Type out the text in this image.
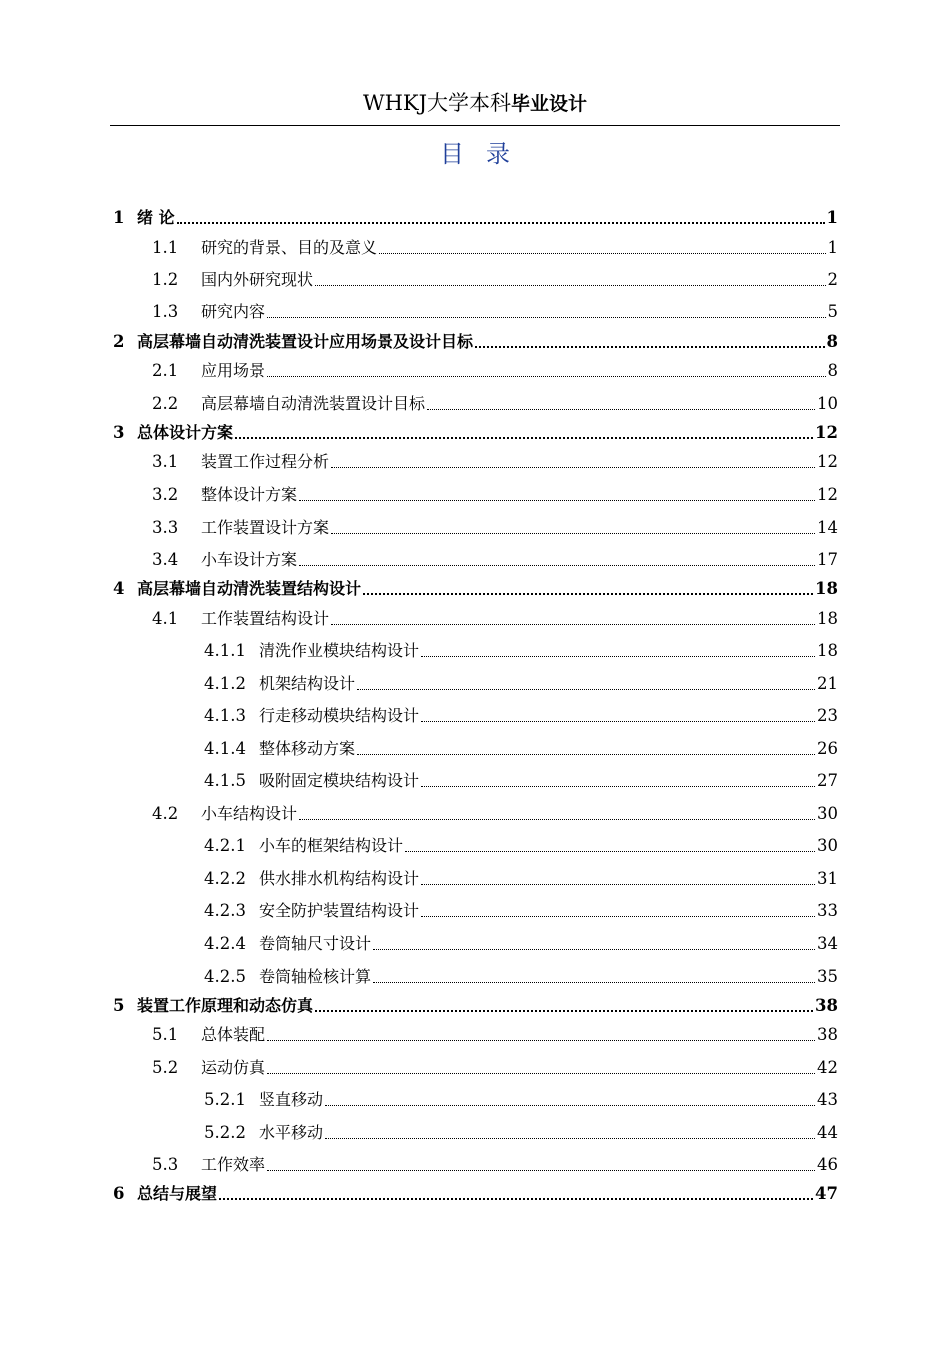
WHKJ大学本科毕业设计
目录
1 绪 论	1
1.1 研究的背景、目的及意义	1
1.2 国内外研究现状	2
1.3 研究内容	5
2 高层幕墙自动清洗装置设计应用场景及设计目标	8
2.1 应用场景	8
2.2 高层幕墙自动清洗装置设计目标	10
3 总体设计方案	12
3.1 装置工作过程分析	12
3.2 整体设计方案	12
3.3 工作装置设计方案	14
3.4 小车设计方案	17
4 高层幕墙自动清洗装置结构设计	18
4.1 工作装置结构设计	18
4.1.1 清洗作业模块结构设计	18
4.1.2 机架结构设计	21
4.1.3 行走移动模块结构设计	23
4.1.4 整体移动方案	26
4.1.5 吸附固定模块结构设计	27
4.2 小车结构设计	30
4.2.1 小车的框架结构设计	30
4.2.2 供水排水机构结构设计	31
4.2.3 安全防护装置结构设计	33
4.2.4 卷筒轴尺寸设计	34
4.2.5 卷筒轴检核计算	35
5 装置工作原理和动态仿真	38
5.1 总体装配	38
5.2 运动仿真	42
5.2.1 竖直移动	43
5.2.2 水平移动	44
5.3 工作效率	46
6 总结与展望	47
